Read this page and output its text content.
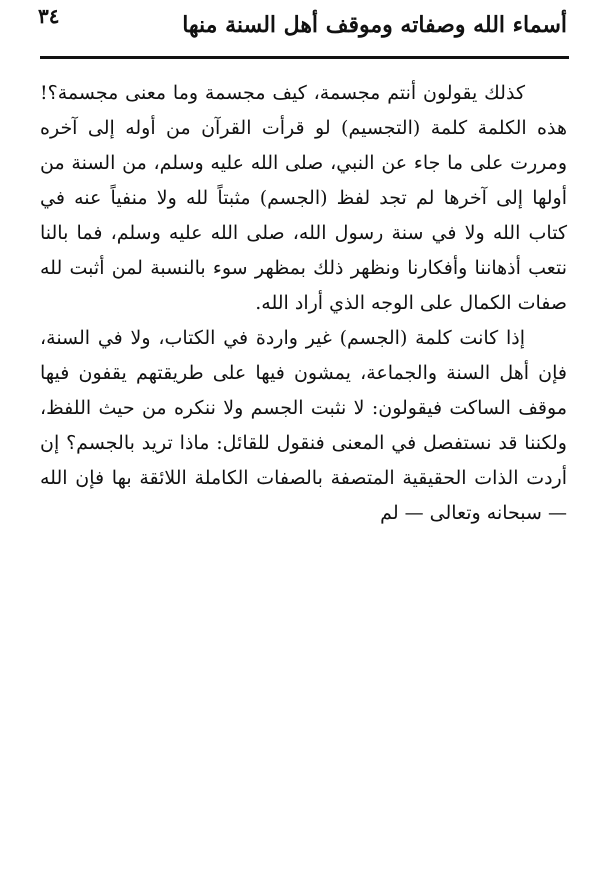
٣٤	أسماء الله وصفاته وموقف أهل السنة منها

كذلك يقولون أنتم مجسمة، كيف مجسمة وما معنى مجسمة؟! هذه الكلمة كلمة (التجسيم) لو قرأت القرآن من أوله إلى آخره ومررت على ما جاء عن النبي، صلى الله عليه وسلم، من السنة من أولها إلى آخرها لم تجد لفظ (الجسم) مثبتاً لله ولا منفياً عنه في كتاب الله ولا في سنة رسول الله، صلى الله عليه وسلم، فما بالنا نتعب أذهاننا وأفكارنا ونظهر ذلك بمظهر سوء بالنسبة لمن أثبت لله صفات الكمال على الوجه الذي أراد الله.

إذا كانت كلمة (الجسم) غير واردة في الكتاب، ولا في السنة، فإن أهل السنة والجماعة، يمشون فيها على طريقتهم يقفون فيها موقف الساكت فيقولون: لا نثبت الجسم ولا ننكره من حيث اللفظ، ولكننا قد نستفصل في المعنى فنقول للقائل: ماذا تريد بالجسم؟ إن أردت الذات الحقيقية المتصفة بالصفات الكاملة اللائقة بها فإن الله — سبحانه وتعالى — لم
